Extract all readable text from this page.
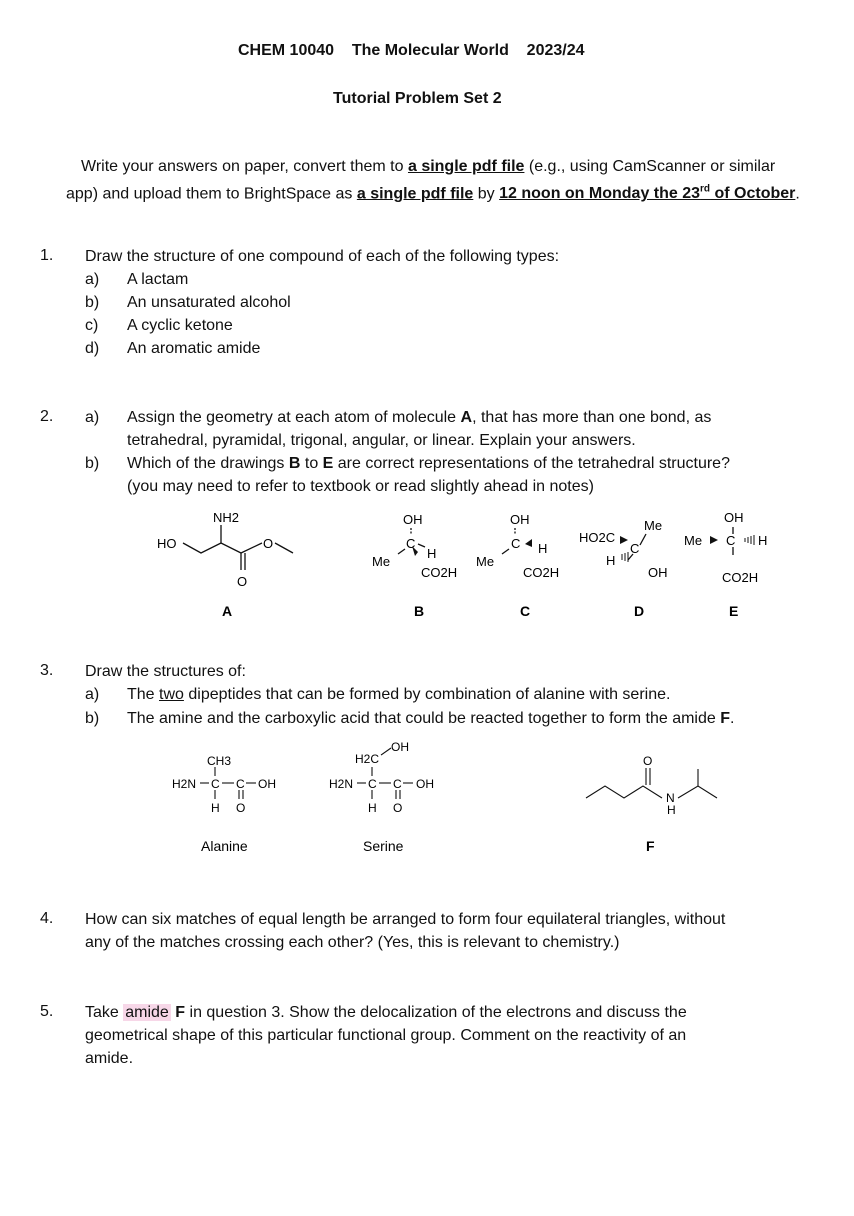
CHEM 10040 The Molecular World 2023/24
Tutorial Problem Set 2
Write your answers on paper, convert them to a single pdf file (e.g., using CamScanner or similar
app) and upload them to BrightSpace as a single pdf file by 12 noon on Monday the 23rd of October.
1. Draw the structure of one compound of each of the following types:
a) A lactam
b) An unsaturated alcohol
c) A cyclic ketone
d) An aromatic amide
2. a) Assign the geometry at each atom of molecule A, that has more than one bond, as
tetrahedral, pyramidal, trigonal, angular, or linear. Explain your answers.
b) Which of the drawings B to E are correct representations of the tetrahedral structure?
(you may need to refer to textbook or read slightly ahead in notes)
NH2
HO	O
O
OH
C
H
Me
CO2H
OH
C H
Me
CO2H
HO2C
Me
C
H
OH
OH
Me C H
CO2H
A	B	C	D	E
3. Draw the structures of:
a) The two dipeptides that can be formed by combination of alanine with serine.
b) The amine and the carboxylic acid that could be reacted together to form the amide F.
CH3
H2N C C OH
H O
Alanine
OH
H2C
H2N C C OH
H O
Serine
O
N
H
F
4. How can six matches of equal length be arranged to form four equilateral triangles, without
any of the matches crossing each other? (Yes, this is relevant to chemistry.)
5. Take amide F in question 3. Show the delocalization of the electrons and discuss the
geometrical shape of this particular functional group. Comment on the reactivity of an
amide.
